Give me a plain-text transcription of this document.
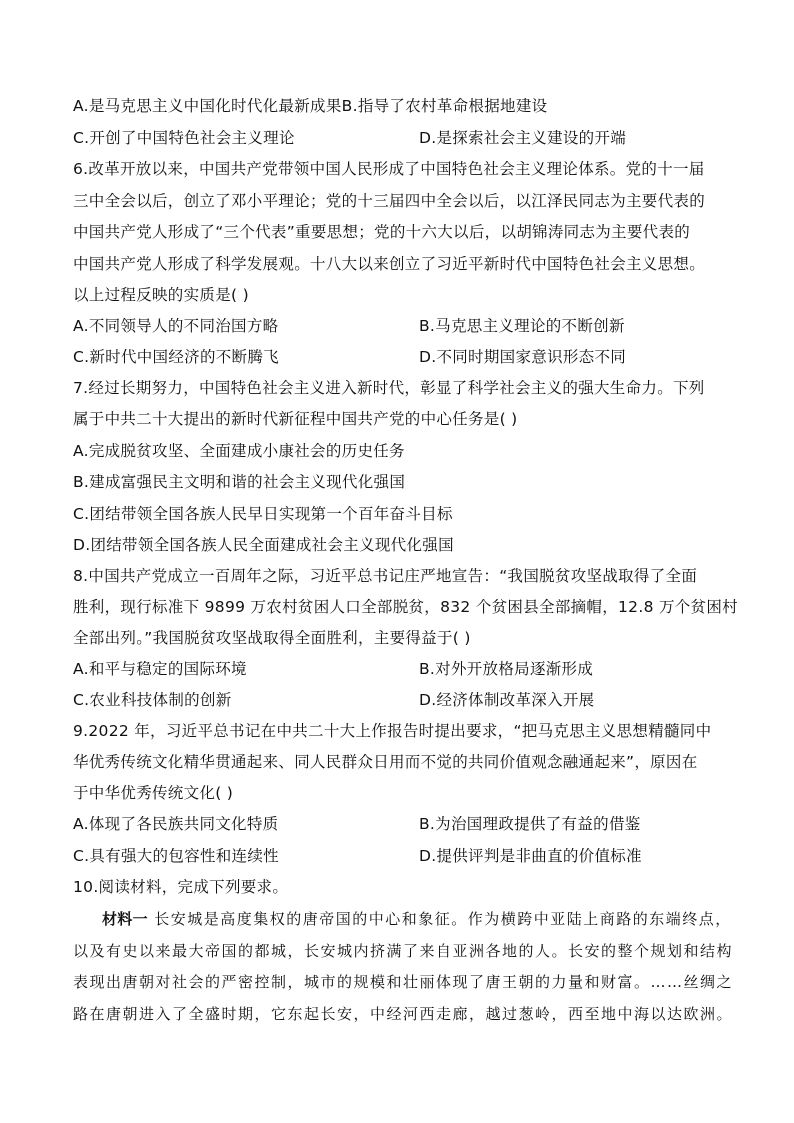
A.是马克思主义中国化时代化最新成果B.指导了农村革命根据地建设
C.开创了中国特色社会主义理论	D.是探索社会主义建设的开端
6.改革开放以来，中国共产党带领中国人民形成了中国特色社会主义理论体系。党的十一届
三中全会以后，创立了邓小平理论；党的十三届四中全会以后，以江泽民同志为主要代表的
中国共产党人形成了“三个代表”重要思想；党的十六大以后，以胡锦涛同志为主要代表的
中国共产党人形成了科学发展观。十八大以来创立了习近平新时代中国特色社会主义思想。
以上过程反映的实质是( )
A.不同领导人的不同治国方略	B.马克思主义理论的不断创新
C.新时代中国经济的不断腾飞	D.不同时期国家意识形态不同
7.经过长期努力，中国特色社会主义进入新时代，彰显了科学社会主义的强大生命力。下列
属于中共二十大提出的新时代新征程中国共产党的中心任务是( )
A.完成脱贫攻坚、全面建成小康社会的历史任务
B.建成富强民主文明和谐的社会主义现代化强国
C.团结带领全国各族人民早日实现第一个百年奋斗目标
D.团结带领全国各族人民全面建成社会主义现代化强国
8.中国共产党成立一百周年之际，习近平总书记庄严地宣告：“我国脱贫攻坚战取得了全面
胜利，现行标准下 9899 万农村贫困人口全部脱贫，832 个贫困县全部摘帽，12.8 万个贫困村
全部出列。”我国脱贫攻坚战取得全面胜利，主要得益于( )
A.和平与稳定的国际环境	B.对外开放格局逐渐形成
C.农业科技体制的创新	D.经济体制改革深入开展
9.2022 年，习近平总书记在中共二十大上作报告时提出要求，“把马克思主义思想精髓同中
华优秀传统文化精华贯通起来、同人民群众日用而不觉的共同价值观念融通起来”，原因在
于中华优秀传统文化( )
A.体现了各民族共同文化特质	B.为治国理政提供了有益的借鉴
C.具有强大的包容性和连续性	D.提供评判是非曲直的价值标准
10.阅读材料，完成下列要求。
材料一 长安城是高度集权的唐帝国的中心和象征。作为横跨中亚陆上商路的东端终点，
以及有史以来最大帝国的都城，长安城内挤满了来自亚洲各地的人。长安的整个规划和结构
表现出唐朝对社会的严密控制，城市的规模和壮丽体现了唐王朝的力量和财富。……丝绸之
路在唐朝进入了全盛时期，它东起长安，中经河西走廊，越过葱岭，西至地中海以达欧洲。
